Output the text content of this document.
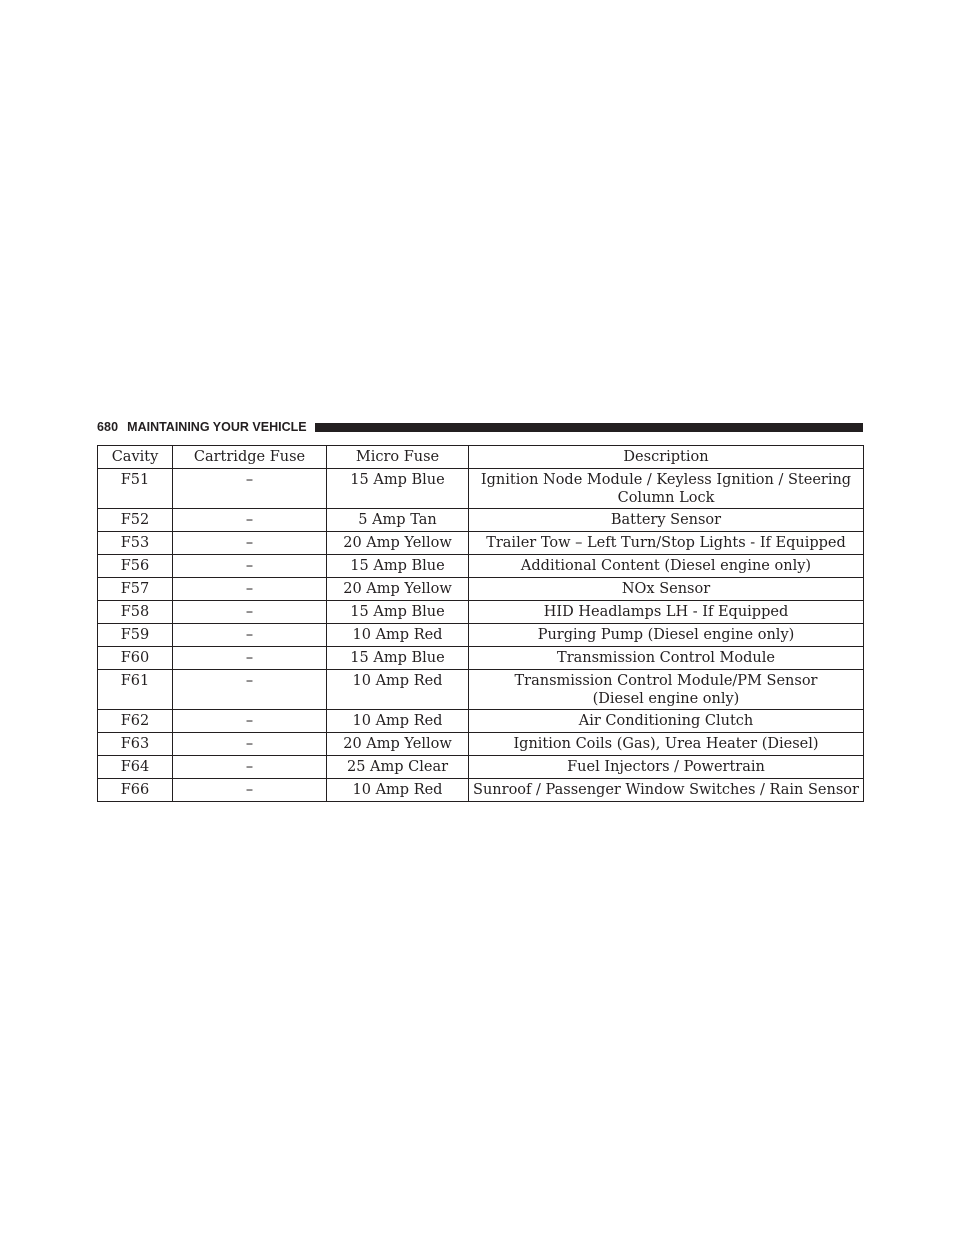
680 MAINTAINING YOUR VEHICLE
Cavity	Cartridge Fuse	Micro Fuse	Description
F51	–	15 Amp Blue	Ignition Node Module / Keyless Ignition / Steering
Column Lock

F52	–	5 Amp Tan	Battery Sensor

F53	–	20 Amp Yellow	Trailer Tow – Left Turn/Stop Lights - If Equipped

F56	–	15 Amp Blue	Additional Content (Diesel engine only)

F57	–	20 Amp Yellow	NOx Sensor

F58	–	15 Amp Blue	HID Headlamps LH - If Equipped

F59	–	10 Amp Red	Purging Pump (Diesel engine only)

F60	–	15 Amp Blue	Transmission Control Module

F61	–	10 Amp Red	Transmission Control Module/PM Sensor
(Diesel engine only)

F62	–	10 Amp Red	Air Conditioning Clutch

F63	–	20 Amp Yellow	Ignition Coils (Gas), Urea Heater (Diesel)

F64	–	25 Amp Clear	Fuel Injectors / Powertrain

F66	–	10 Amp Red	Sunroof / Passenger Window Switches / Rain Sensor
